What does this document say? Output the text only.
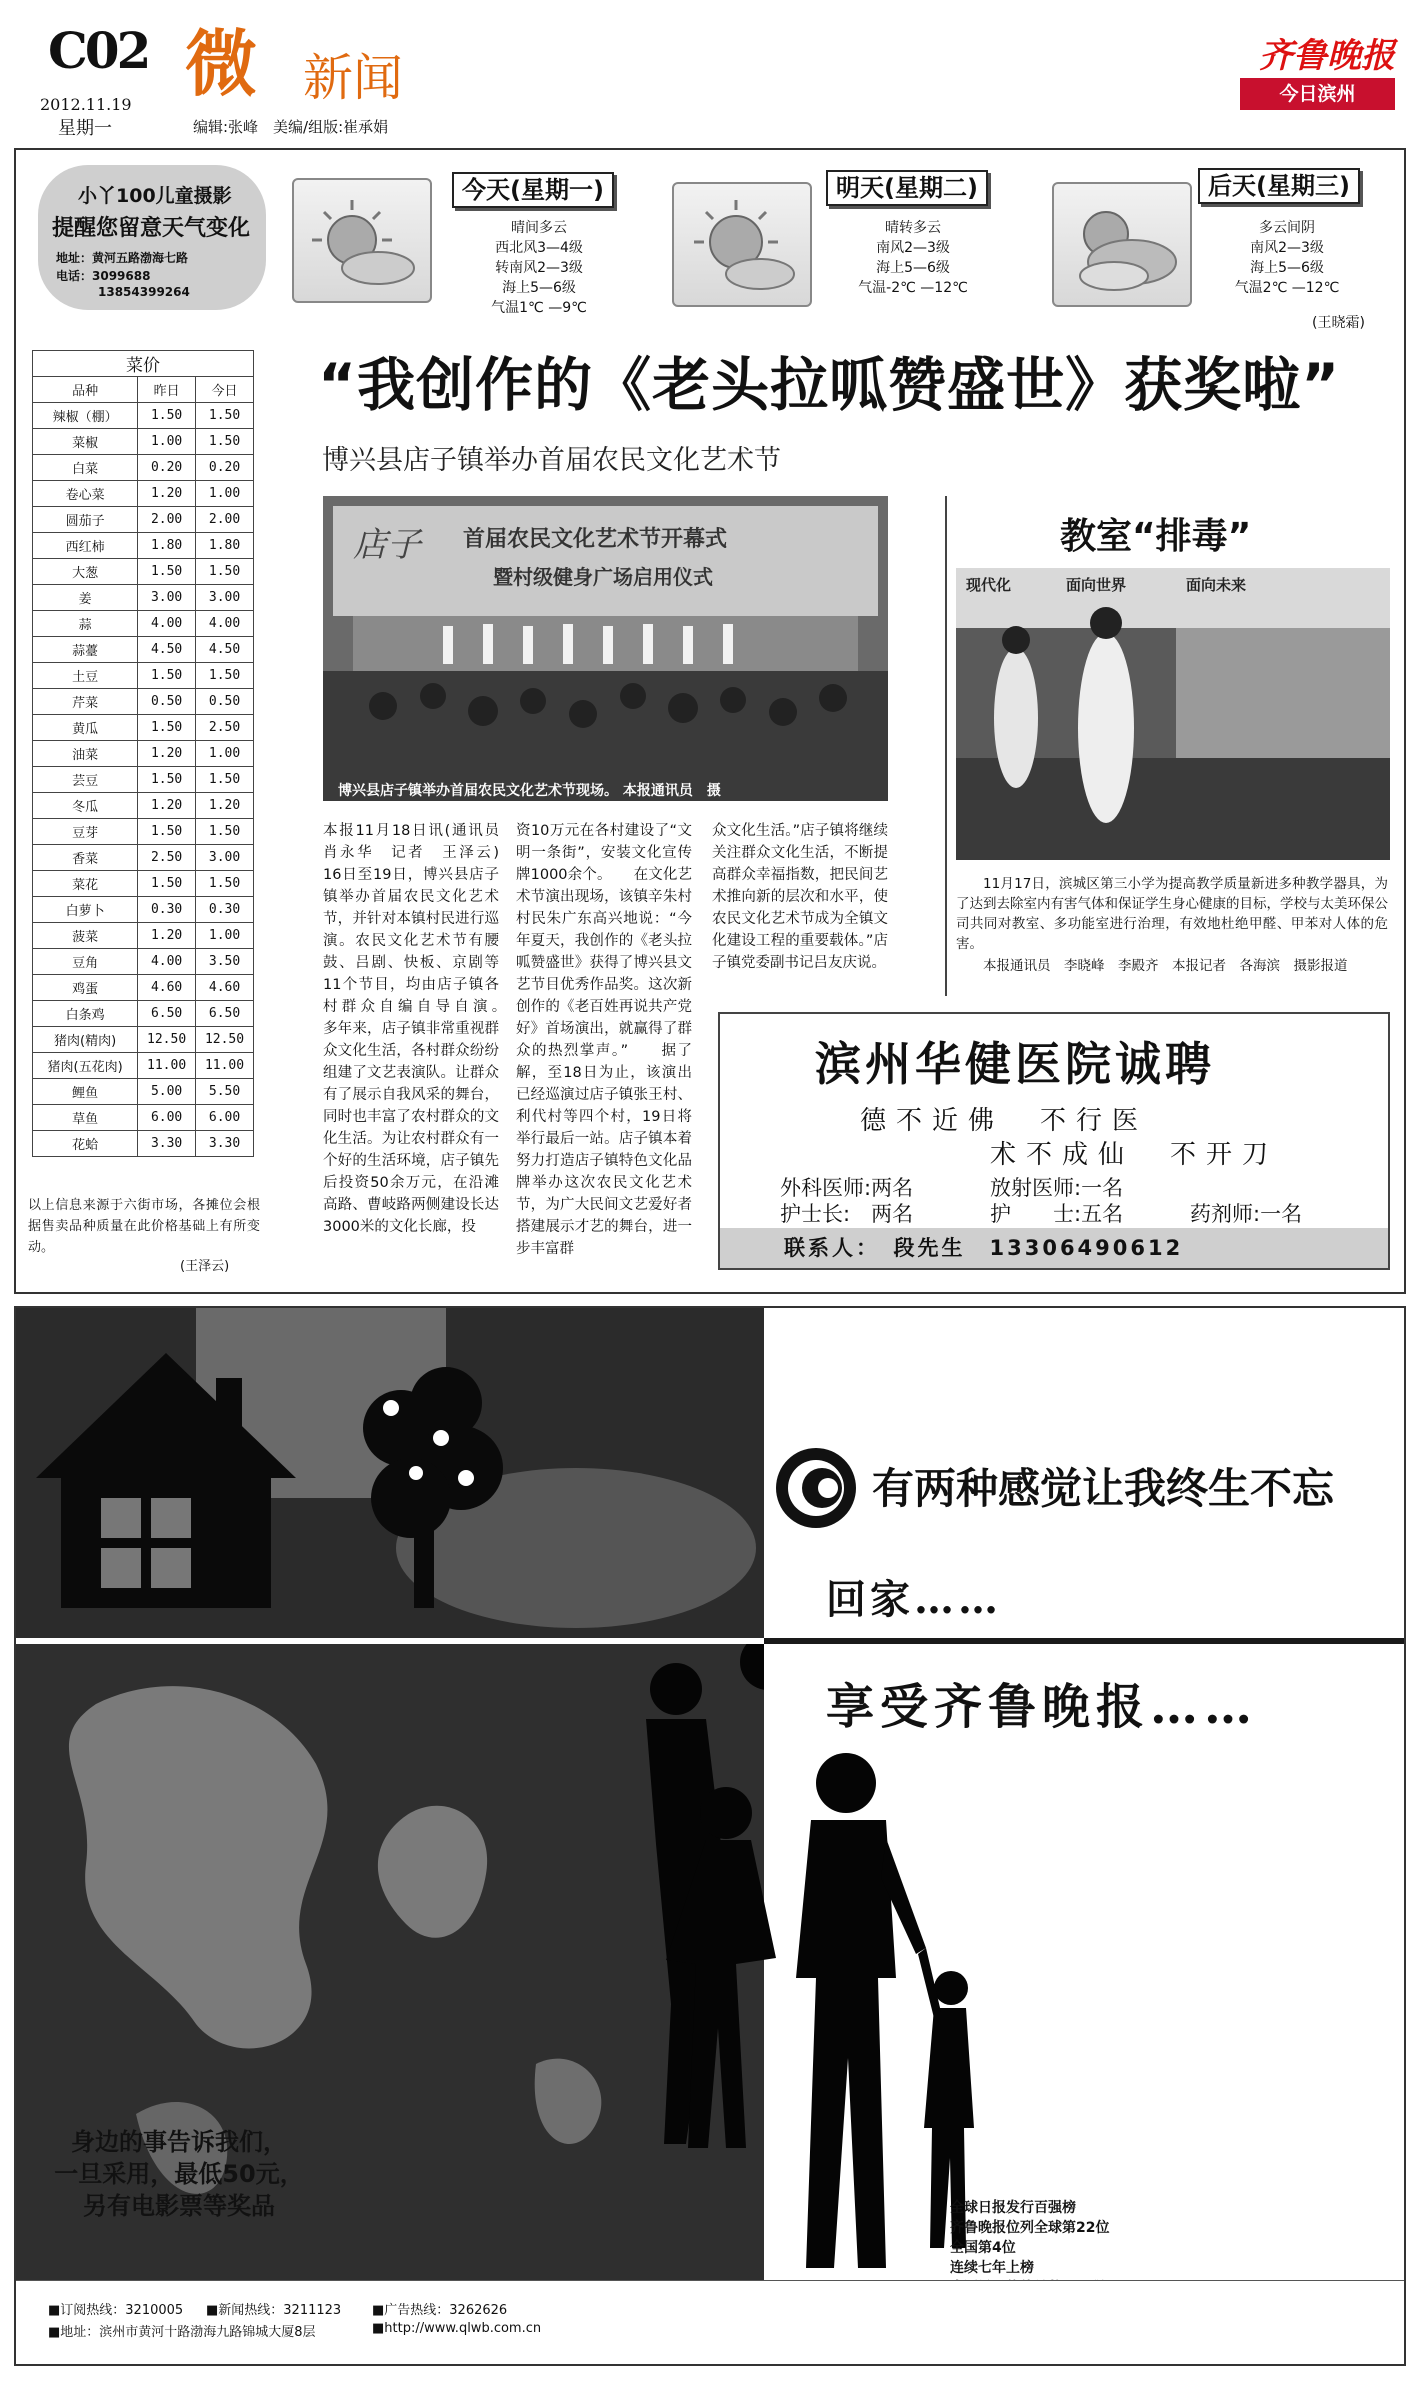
C02
2012.11.19
星期一
微 新闻
编辑:张峰　美编/组版:崔承娟
齐鲁晚报
今日滨州
小丫100儿童摄影
提醒您留意天气变化
地址：黄河五路渤海七路
电话：3099688
13854399264
今天(星期一)
晴间多云
西北风3—4级
转南风2—3级
海上5—6级
气温1℃ —9℃
明天(星期二)
晴转多云
南风2—3级
海上5—6级
气温-2℃ —12℃
后天(星期三)
多云间阴
南风2—3级
海上5—6级
气温2℃ —12℃
(王晓霜)
菜价		
品种	昨日	今日
辣椒（棚）	1.50	1.50
菜椒	1.00	1.50
白菜	0.20	0.20
卷心菜	1.20	1.00
圆茄子	2.00	2.00
西红柿	1.80	1.80
大葱	1.50	1.50
姜	3.00	3.00
蒜	4.00	4.00
蒜薹	4.50	4.50
土豆	1.50	1.50
芹菜	0.50	0.50
黄瓜	1.50	2.50
油菜	1.20	1.00
芸豆	1.50	1.50
冬瓜	1.20	1.20
豆芽	1.50	1.50
香菜	2.50	3.00
菜花	1.50	1.50
白萝卜	0.30	0.30
菠菜	1.20	1.00
豆角	4.00	3.50
鸡蛋	4.60	4.60
白条鸡	6.50	6.50
猪肉(精肉)	12.50	12.50
猪肉(五花肉)	11.00	11.00
鲤鱼	5.00	5.50
草鱼	6.00	6.00
花蛤	3.30	3.30
以上信息来源于六街市场，各摊位会根据售卖品种质量在此价格基础上有所变动。
(王泽云)
“我创作的《老头拉呱赞盛世》获奖啦”
博兴县店子镇举办首届农民文化艺术节
店子 首届农民文化艺术节开幕式
暨村级健身广场启用仪式
博兴县店子镇举办首届农民文化艺术节现场。 本报通讯员　摄
本报11月18日讯(通讯员　肖永华　记者　王泽云)　16日至19日，博兴县店子镇举办首届农民文化艺术节，并针对本镇村民进行巡演。农民文化艺术节有腰鼓、吕剧、快板、京剧等11个节目，均由店子镇各村群众自编自导自演。　　多年来，店子镇非常重视群众文化生活，各村群众纷纷组建了文艺表演队。让群众有了展示自我风采的舞台，同时也丰富了农村群众的文化生活。为让农村群众有一个好的生活环境，店子镇先后投资50余万元，在沿滩高路、曹岐路两侧建设长达3000米的文化长廊，投
资10万元在各村建设了“文明一条街”，安装文化宣传牌1000余个。　　在文化艺术节演出现场，该镇辛朱村村民朱广东高兴地说：“今年夏天，我创作的《老头拉呱赞盛世》获得了博兴县文艺节目优秀作品奖。这次新创作的《老百姓再说共产党好》首场演出，就赢得了群众的热烈掌声。”　　据了解，至18日为止，该演出已经巡演过店子镇张王村、利代村等四个村，19日将举行最后一站。店子镇本着努力打造店子镇特色文化品牌举办这次农民文化艺术节，为广大民间文艺爱好者搭建展示才艺的舞台，进一步丰富群
众文化生活。”店子镇将继续关注群众文化生活，不断提高群众幸福指数，把民间艺术推向新的层次和水平，使农民文化艺术节成为全镇文化建设工程的重要载体。”店子镇党委副书记吕友庆说。
教室“排毒”
现代化	面向世界	面向未来
11月17日，滨城区第三小学为提高教学质量新进多种教学器具，为了达到去除室内有害气体和保证学生身心健康的目标，学校与太美环保公司共同对教室、多功能室进行治理，有效地杜绝甲醛、甲苯对人体的危害。
本报通讯员　李晓峰　李殿齐　本报记者　各海滨　摄影报道
滨州华健医院诚聘
德不近佛　不行医
术不成仙　不开刀
外科医师:两名	放射医师:一名
护士长:　两名	护　　士:五名	药剂师:一名
联系人：　段先生　13306490612
有两种感觉让我终生不忘
回家……
享受齐鲁晚报……
身边的事告诉我们，
一旦采用，最低50元，
另有电影票等奖品	全球日报发行百强榜
齐鲁晚报位列全球第22位
全国第4位
连续七年上榜
■订阅热线：3210005 ■新闻热线：3211123 ■广告热线：3262626
■地址：滨州市黄河十路渤海九路锦城大厦8层	■http://www.qlwb.com.cn
